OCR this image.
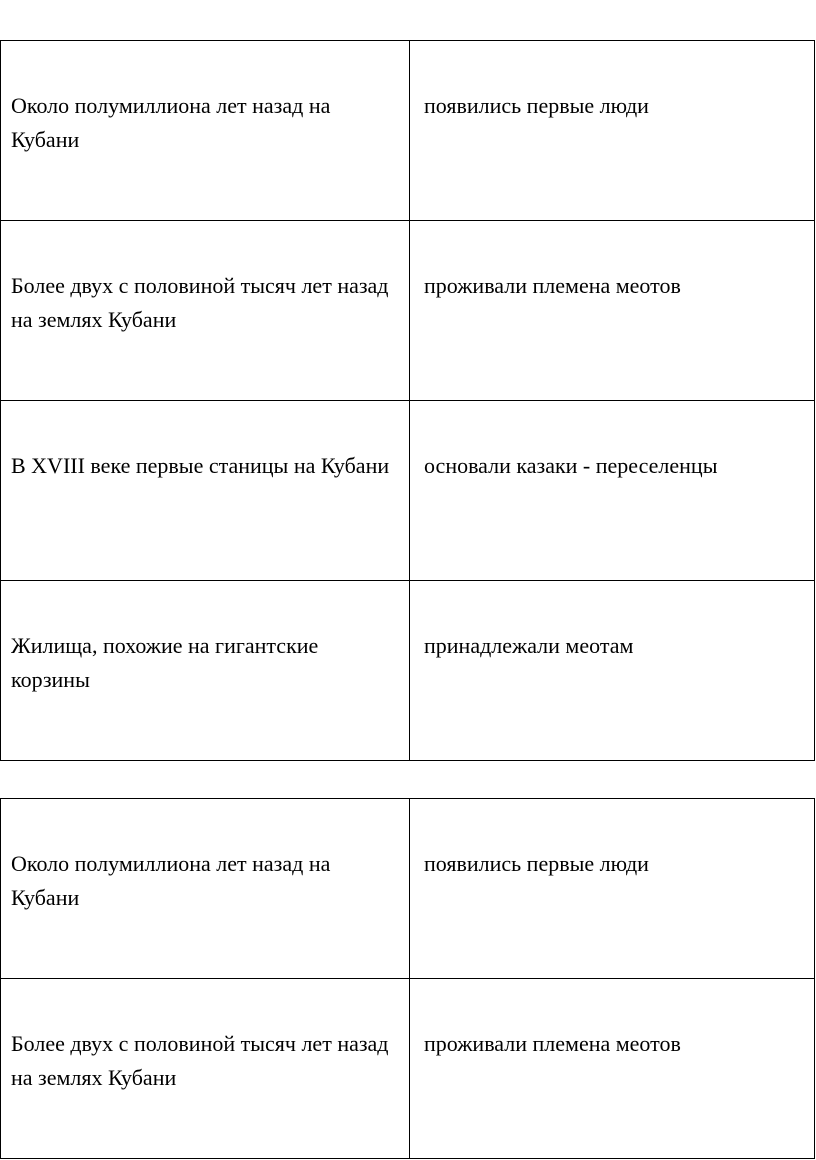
Около полумиллиона лет назад на Кубани	появились первые люди

Более двух с половиной тысяч лет назад на землях Кубани	проживали племена меотов

В XVIII веке первые станицы на Кубани	основали казаки - переселенцы

Жилища, похожие на гигантские корзины	принадлежали меотам
Около полумиллиона лет назад на Кубани	появились первые люди

Более двух с половиной тысяч лет назад на землях Кубани	проживали племена меотов
